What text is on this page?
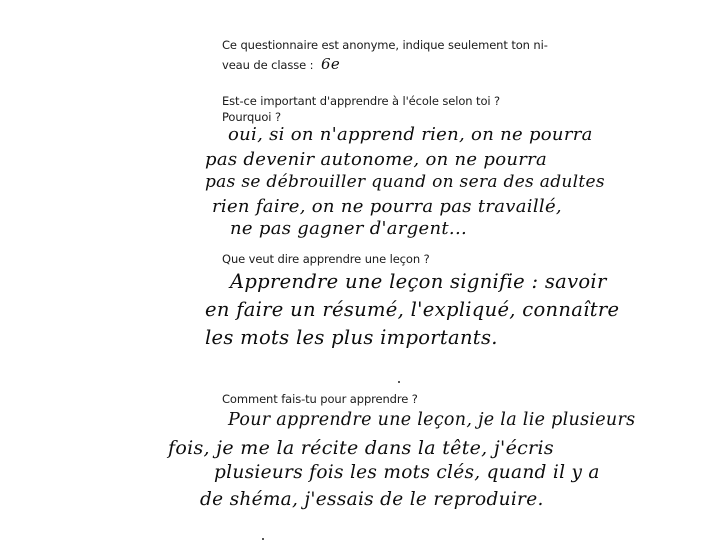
Ce questionnaire est anonyme, indique seulement ton ni-
veau de classe : 6e
Est-ce important d'apprendre à l'école selon toi ?
Pourquoi ?
oui, si on n'apprend rien, on ne pourra
pas devenir autonome, on ne pourra
pas se débrouiller quand on sera des adultes
rien faire, on ne pourra pas travaillé,
ne pas gagner d'argent...
Que veut dire apprendre une leçon ?
Apprendre une leçon signifie : savoir
en faire un résumé, l'expliqué, connaître
les mots les plus importants.
Comment fais-tu pour apprendre ?
Pour apprendre une leçon, je la lie plusieurs
fois, je me la récite dans la tête, j'écris
plusieurs fois les mots clés, quand il y a
de shéma, j'essais de le reproduire.
